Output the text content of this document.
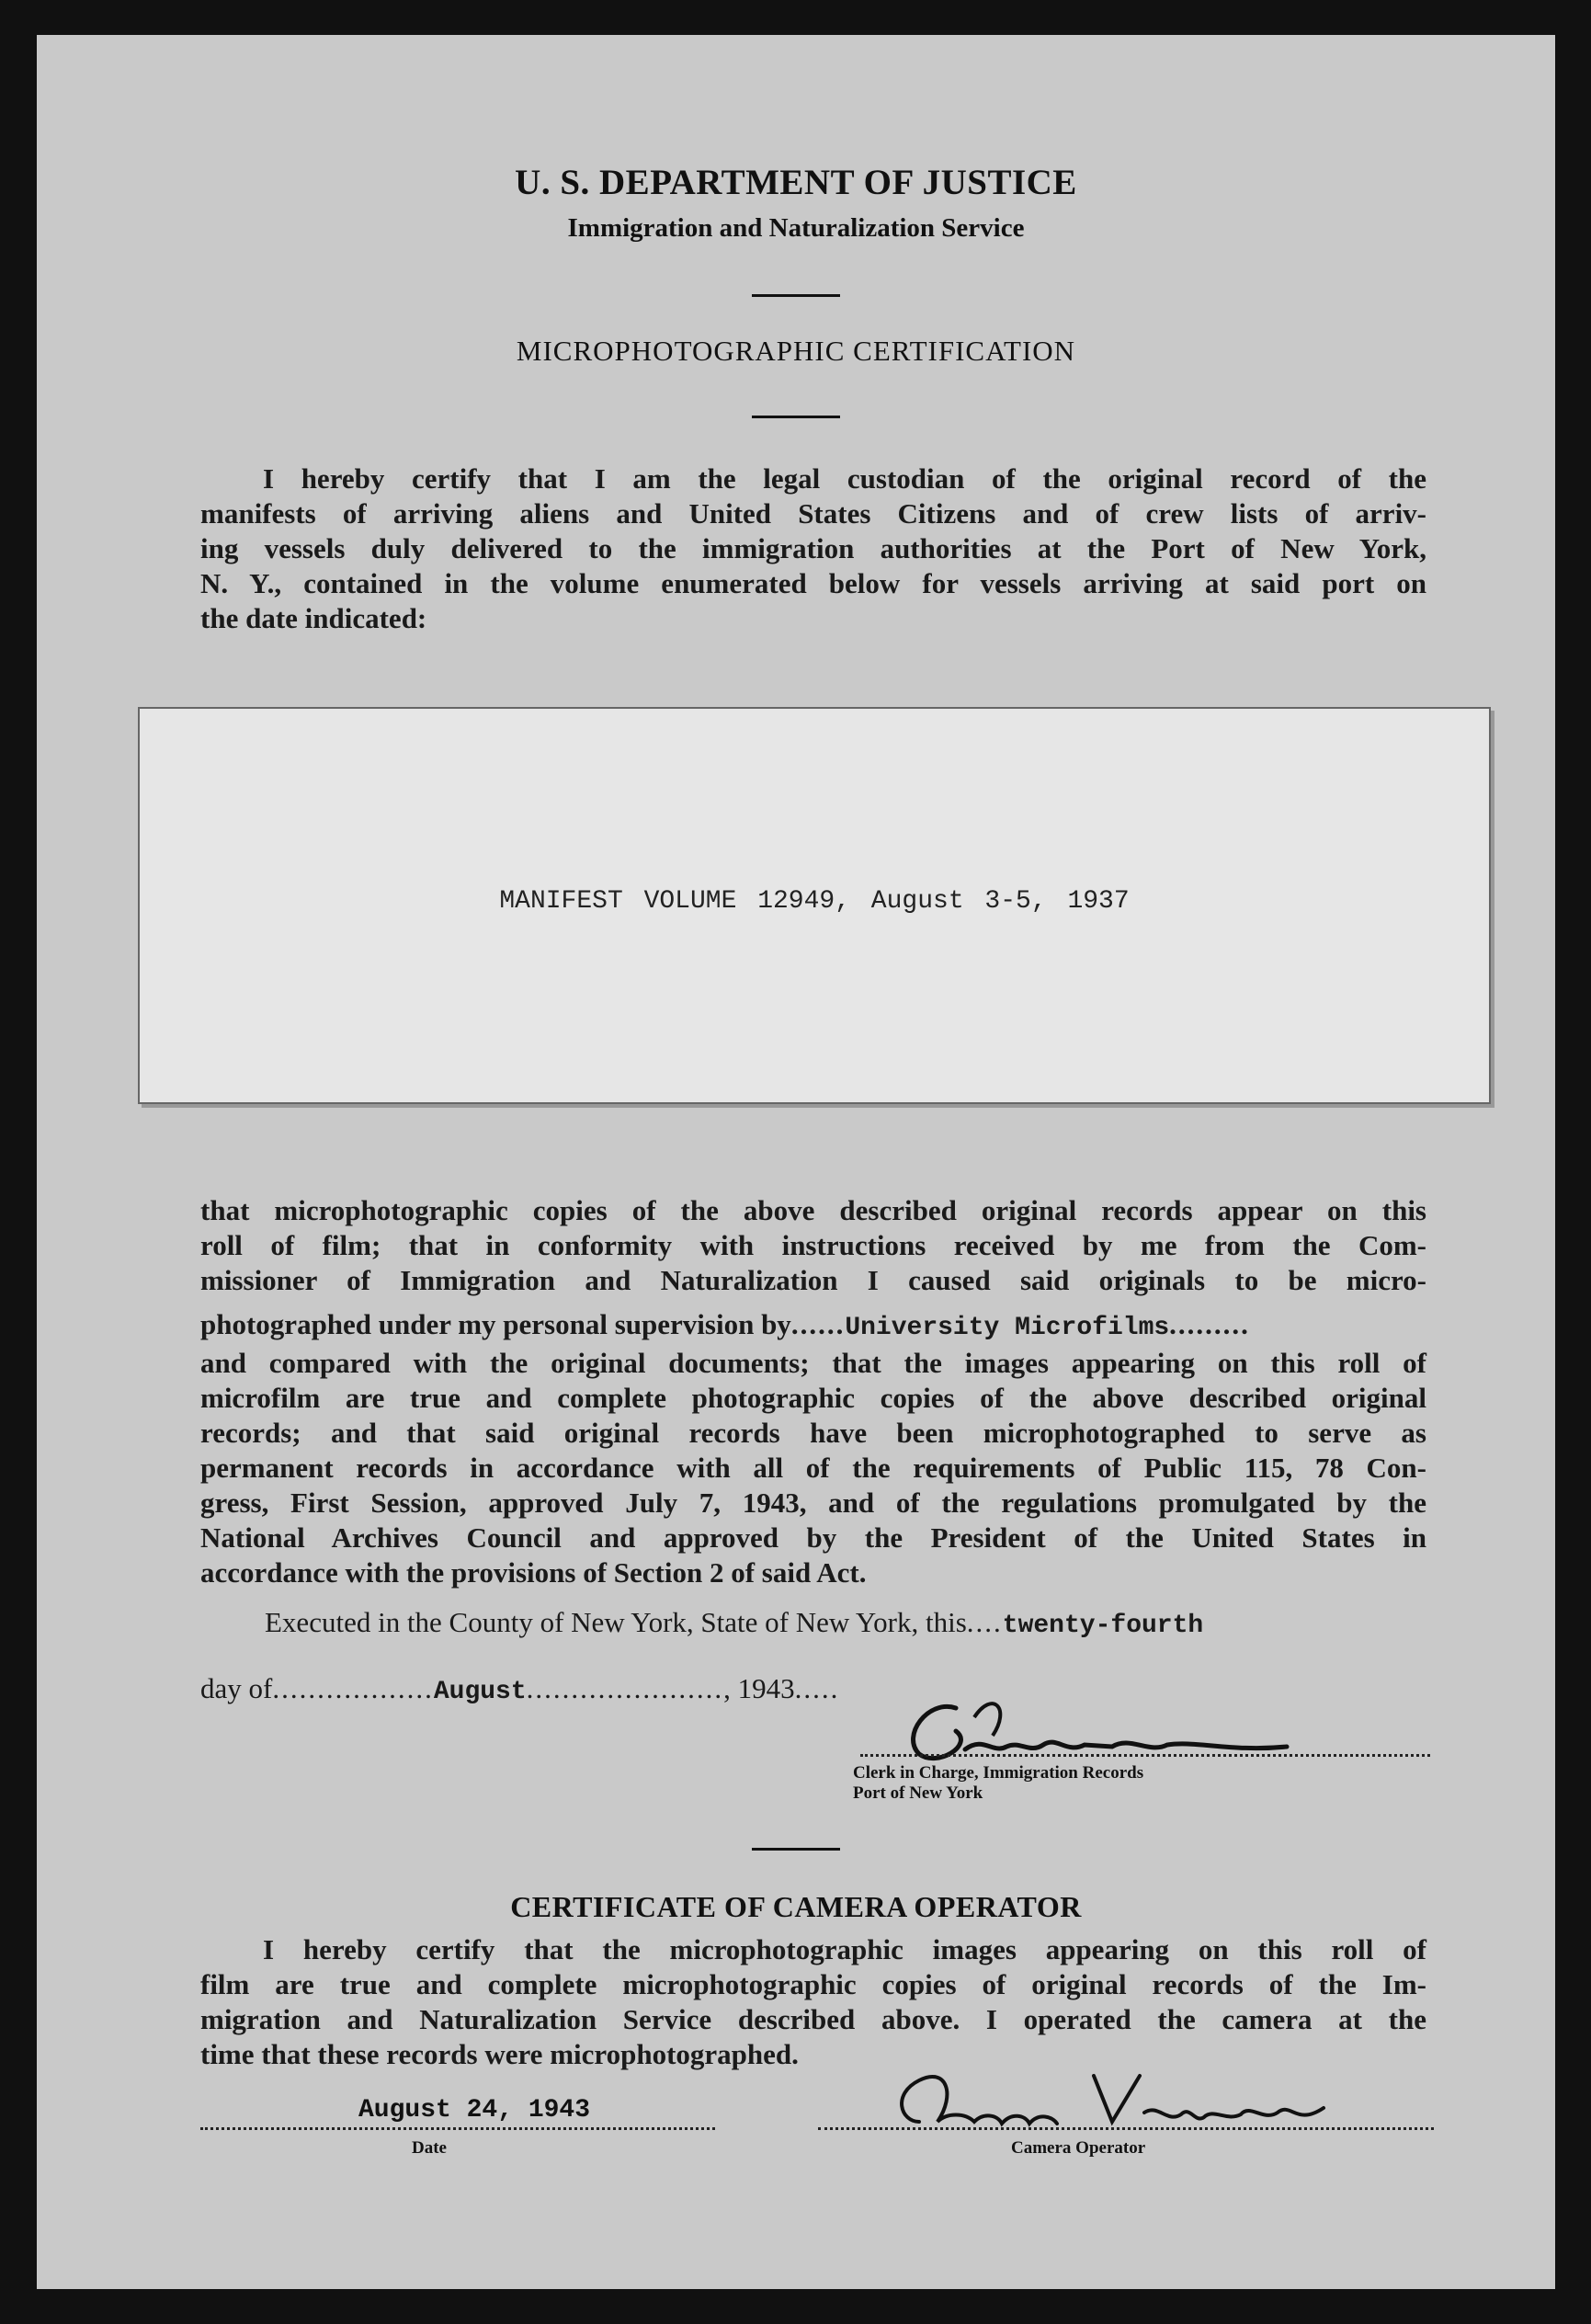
U. S. DEPARTMENT OF JUSTICE
Immigration and Naturalization Service
MICROPHOTOGRAPHIC CERTIFICATION
I hereby certify that I am the legal custodian of the original record of the
manifests of arriving aliens and United States Citizens and of crew lists of arriv-
ing vessels duly delivered to the immigration authorities at the Port of New York,
N. Y., contained in the volume enumerated below for vessels arriving at said port on
the date indicated:
MANIFEST VOLUME 12949, August 3-5, 1937
that microphotographic copies of the above described original records appear on this
roll of film; that in conformity with instructions received by me from the Com-
missioner of Immigration and Naturalization I caused said originals to be micro-
photographed under my personal supervision by......University Microfilms.........
and compared with the original documents; that the images appearing on this roll of
microfilm are true and complete photographic copies of the above described original
records; and that said original records have been microphotographed to serve as
permanent records in accordance with all of the requirements of Public 115, 78 Con-
gress, First Session, approved July 7, 1943, and of the regulations promulgated by the
National Archives Council and approved by the President of the United States in
accordance with the provisions of Section 2 of said Act.
Executed in the County of New York, State of New York, this....twenty-fourth
day of..................August......................, 1943.....
Clerk in Charge, Immigration Records
Port of New York
CERTIFICATE OF CAMERA OPERATOR
I hereby certify that the microphotographic images appearing on this roll of
film are true and complete microphotographic copies of original records of the Im-
migration and Naturalization Service described above. I operated the camera at the
time that these records were microphotographed.
August 24, 1943
Date	Camera Operator
